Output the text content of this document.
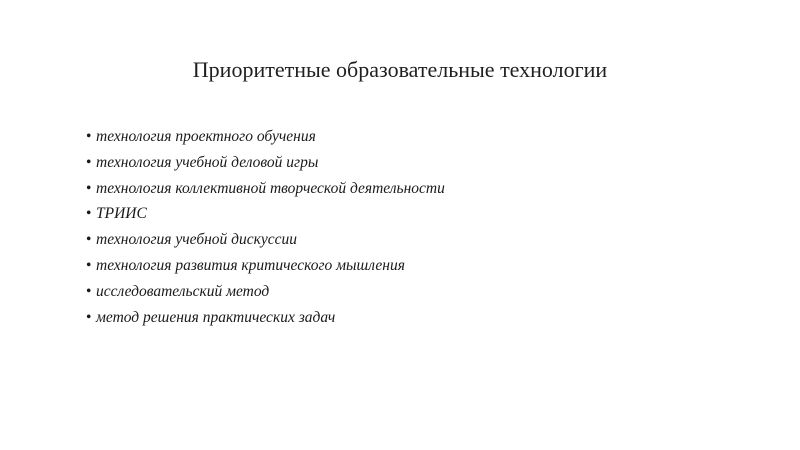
Приоритетные образовательные технологии
• технология проектного обучения
• технология учебной деловой игры
• технология коллективной творческой деятельности
• ТРИИС
• технология учебной дискуссии
• технология развития критического мышления
• исследовательский метод
• метод решения практических задач
